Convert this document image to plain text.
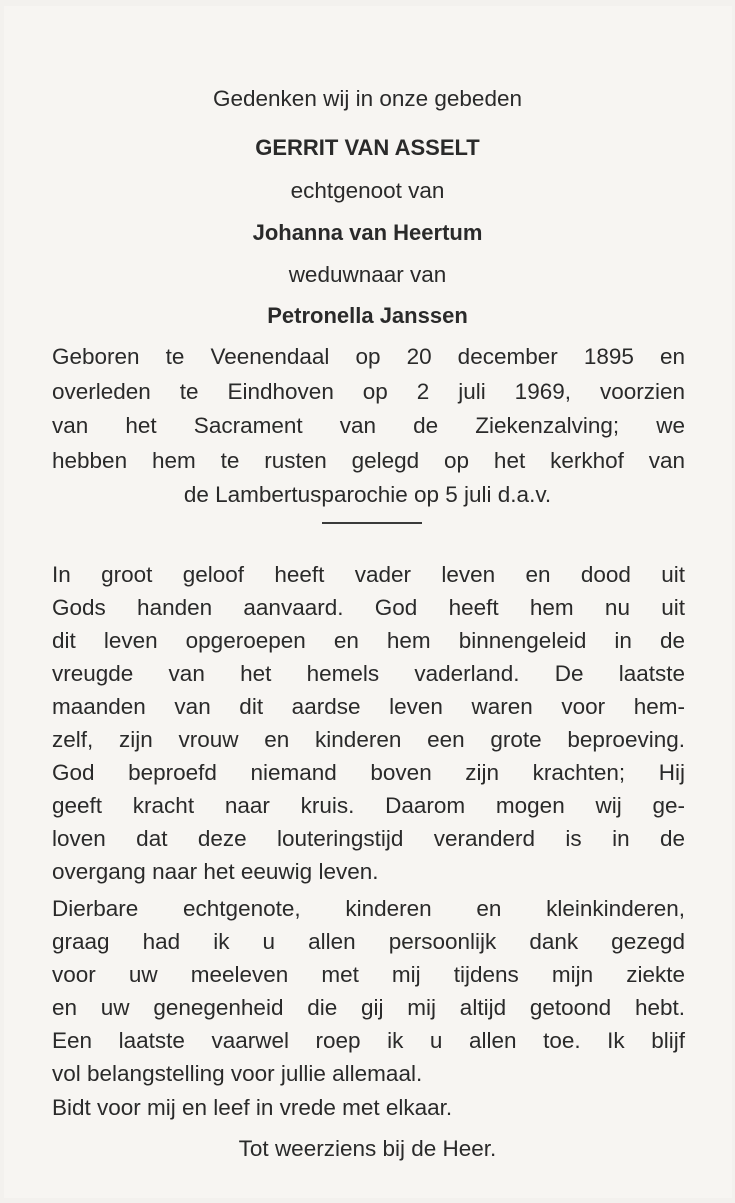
Gedenken wij in onze gebeden
GERRIT VAN ASSELT
echtgenoot van
Johanna van Heertum
weduwnaar van
Petronella Janssen
Geboren te Veenendaal op 20 december 1895 en
overleden te Eindhoven op 2 juli 1969, voorzien
van het Sacrament van de Ziekenzalving; we
hebben hem te rusten gelegd op het kerkhof van
de Lambertusparochie op 5 juli d.a.v.
In groot geloof heeft vader leven en dood uit
Gods handen aanvaard. God heeft hem nu uit
dit leven opgeroepen en hem binnengeleid in de
vreugde van het hemels vaderland. De laatste
maanden van dit aardse leven waren voor hem-
zelf, zijn vrouw en kinderen een grote beproeving.
God beproefd niemand boven zijn krachten; Hij
geeft kracht naar kruis. Daarom mogen wij ge-
loven dat deze louteringstijd veranderd is in de
overgang naar het eeuwig leven.
Dierbare echtgenote, kinderen en kleinkinderen,
graag had ik u allen persoonlijk dank gezegd
voor uw meeleven met mij tijdens mijn ziekte
en uw genegenheid die gij mij altijd getoond hebt.
Een laatste vaarwel roep ik u allen toe. Ik blijf
vol belangstelling voor jullie allemaal.
Bidt voor mij en leef in vrede met elkaar.
Tot weerziens bij de Heer.
